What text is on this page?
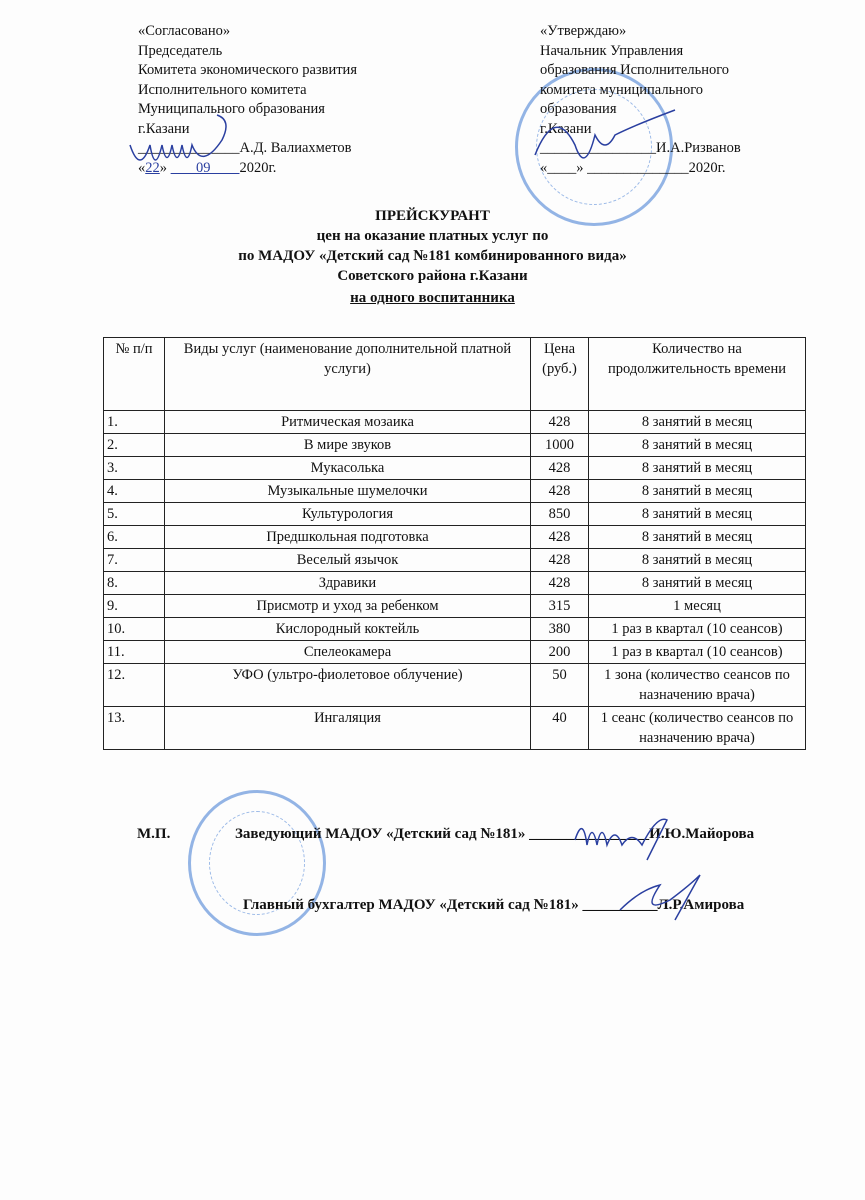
«Согласовано»
Председатель
Комитета экономического развития
Исполнительного комитета
Муниципального образования
г.Казани
______________А.Д. Валиахметов
«22»        09 2020г.
«Утверждаю»
Начальник Управления
образования Исполнительного
комитета муниципального
образования
г.Казани
________________И.А.Ризванов
«____» ______________2020г.
ПРЕЙСКУРАНТ
цен на оказание платных услуг по
по МАДОУ «Детский сад №181 комбинированного вида»
Советского района г.Казани
на одного воспитанника
№ п/п	Виды услуг (наименование дополнительной платной услуги)	Цена (руб.)	Количество на продолжительность времени
1.	Ритмическая мозаика	428	8 занятий в месяц
2.	В мире звуков	1000	8 занятий в месяц
3.	Мукасолька	428	8 занятий в месяц
4.	Музыкальные шумелочки	428	8 занятий в месяц
5.	Культурология	850	8 занятий в месяц
6.	Предшкольная подготовка	428	8 занятий в месяц
7.	Веселый язычок	428	8 занятий в месяц
8.	Здравики	428	8 занятий в месяц
9.	Присмотр и уход за ребенком	315	1 месяц
10.	Кислородный коктейль	380	1 раз в квартал (10 сеансов)
11.	Спелеокамера	200	1 раз в квартал (10 сеансов)
12.	УФО (ультро-фиолетовое облучение)	50	1 зона (количество сеансов по назначению врача)
13.	Ингаляция	40	1 сеанс (количество сеансов по назначению врача)
М.П.	Заведующий МАДОУ «Детский сад №181» ________________И.Ю.Майорова
Главный бухгалтер МАДОУ «Детский сад №181» __________Л.Р.Амирова
